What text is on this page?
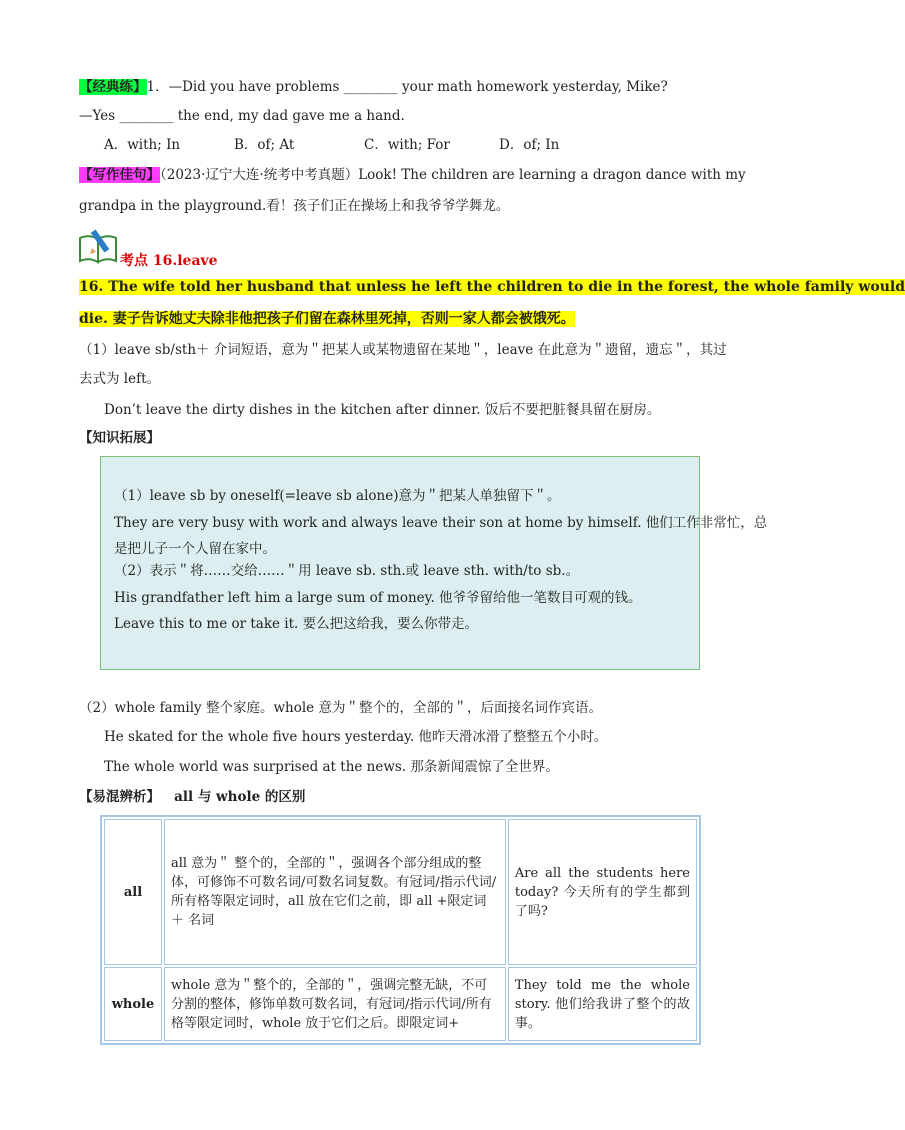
【经典练】1．—Did you have problems ________ your math homework yesterday, Mike?
—Yes ________ the end, my dad gave me a hand.
A．with; In	B．of; At	C．with; For	D．of; In
【写作佳句】（2023·辽宁大连·统考中考真题）Look! The children are learning a dragon dance with my
grandpa in the playground.看！孩子们正在操场上和我爷爷学舞龙。
考点 16.leave
16. The wife told her husband that unless he left the children to die in the forest, the whole family would
die. 妻子告诉她丈夫除非他把孩子们留在森林里死掉，否则一家人都会被饿死。
（1）leave sb/sth＋ 介词短语，意为＂把某人或某物遗留在某地＂，leave 在此意为＂遗留，遗忘＂，其过
去式为 left。
Don’t leave the dirty dishes in the kitchen after dinner. 饭后不要把脏餐具留在厨房。
【知识拓展】
（1）leave sb by oneself(=leave sb alone)意为＂把某人单独留下＂。
They are very busy with work and always leave their son at home by himself. 他们工作非常忙，总
是把儿子一个人留在家中。
（2）表示＂将……交给……＂用 leave sb. sth.或 leave sth. with/to sb.。
His grandfather left him a large sum of money. 他爷爷留给他一笔数目可观的钱。
Leave this to me or take it. 要么把这给我，要么你带走。
（2）whole family 整个家庭。whole 意为＂整个的，全部的＂，后面接名词作宾语。
He skated for the whole five hours yesterday. 他昨天滑冰滑了整整五个小时。
The whole world was surprised at the news. 那条新闻震惊了全世界。
【易混辨析】 all 与 whole 的区别
all	all 意为＂ 整个的，全部的＂，强调各个部分组成的整体，可修饰不可数名词/可数名词复数。有冠词/指示代词/所有格等限定词时，all 放在它们之前，即 all +限定词 ＋ 名词	Are all the students here today? 今天所有的学生都到了吗?
whole	whole 意为＂整个的，全部的＂，强调完整无缺，不可分割的整体，修饰单数可数名词，有冠词/指示代词/所有格等限定词时，whole 放于它们之后。即限定词+	They told me the whole story. 他们给我讲了整个的故事。
